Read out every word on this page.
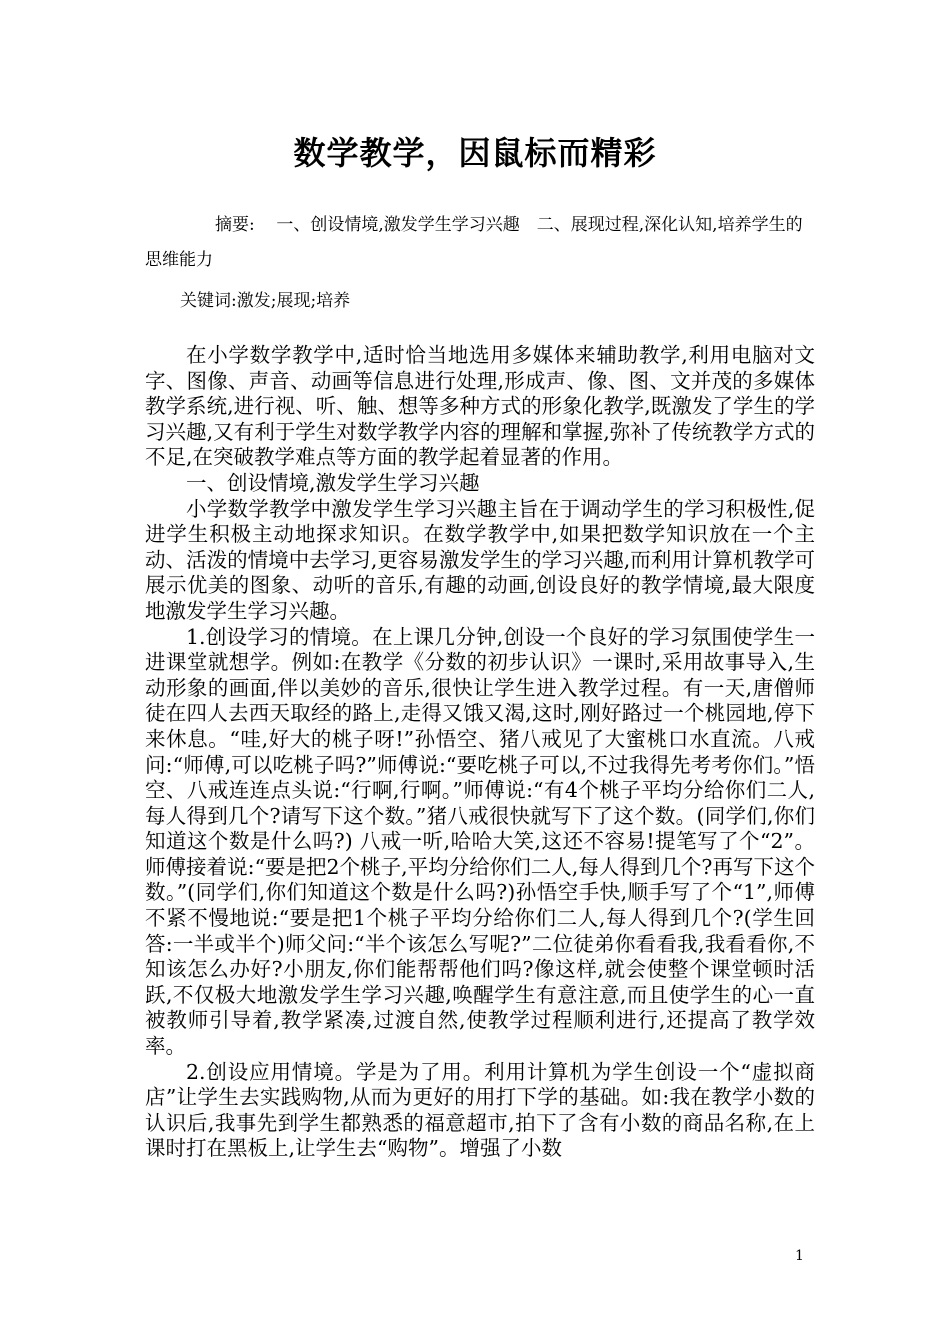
数学教学，因鼠标而精彩
摘要: 一、创设情境,激发学生学习兴趣　二、展现过程,深化认知,培养学生的思维能力
关键词:激发;展现;培养

在小学数学教学中,适时恰当地选用多媒体来辅助教学,利用电脑对文字、图像、声音、动画等信息进行处理,形成声、像、图、文并茂的多媒体教学系统,进行视、听、触、想等多种方式的形象化教学,既激发了学生的学习兴趣,又有利于学生对数学教学内容的理解和掌握,弥补了传统教学方式的不足,在突破教学难点等方面的教学起着显著的作用。

一、创设情境,激发学生学习兴趣

小学数学教学中激发学生学习兴趣主旨在于调动学生的学习积极性,促进学生积极主动地探求知识。在数学教学中,如果把数学知识放在一个主动、活泼的情境中去学习,更容易激发学生的学习兴趣,而利用计算机教学可展示优美的图象、动听的音乐,有趣的动画,创设良好的教学情境,最大限度地激发学生学习兴趣。

1.创设学习的情境。在上课几分钟,创设一个良好的学习氛围使学生一进课堂就想学。例如:在教学《分数的初步认识》一课时,采用故事导入,生动形象的画面,伴以美妙的音乐,很快让学生进入教学过程。有一天,唐僧师徒在四人去西天取经的路上,走得又饿又渴,这时,刚好路过一个桃园地,停下来休息。“哇,好大的桃子呀!”孙悟空、猪八戒见了大蜜桃口水直流。八戒问:“师傅,可以吃桃子吗?”师傅说:“要吃桃子可以,不过我得先考考你们。”悟空、八戒连连点头说:“行啊,行啊。”师傅说:“有4个桃子平均分给你们二人,每人得到几个?请写下这个数。”猪八戒很快就写下了这个数。(同学们,你们知道这个数是什么吗?) 八戒一听,哈哈大笑,这还不容易!提笔写了个“2”。师傅接着说:“要是把2个桃子,平均分给你们二人,每人得到几个?再写下这个数。”(同学们,你们知道这个数是什么吗?)孙悟空手快,顺手写了个“1”,师傅不紧不慢地说:“要是把1个桃子平均分给你们二人,每人得到几个?(学生回答:一半或半个)师父问:“半个该怎么写呢?”二位徒弟你看看我,我看看你,不知该怎么办好?小朋友,你们能帮帮他们吗?像这样,就会使整个课堂顿时活跃,不仅极大地激发学生学习兴趣,唤醒学生有意注意,而且使学生的心一直被教师引导着,教学紧凑,过渡自然,使教学过程顺利进行,还提高了教学效率。

2.创设应用情境。学是为了用。利用计算机为学生创设一个“虚拟商店”让学生去实践购物,从而为更好的用打下学的基础。如:我在教学小数的认识后,我事先到学生都熟悉的福意超市,拍下了含有小数的商品名称,在上课时打在黑板上,让学生去“购物”。增强了小数

1
